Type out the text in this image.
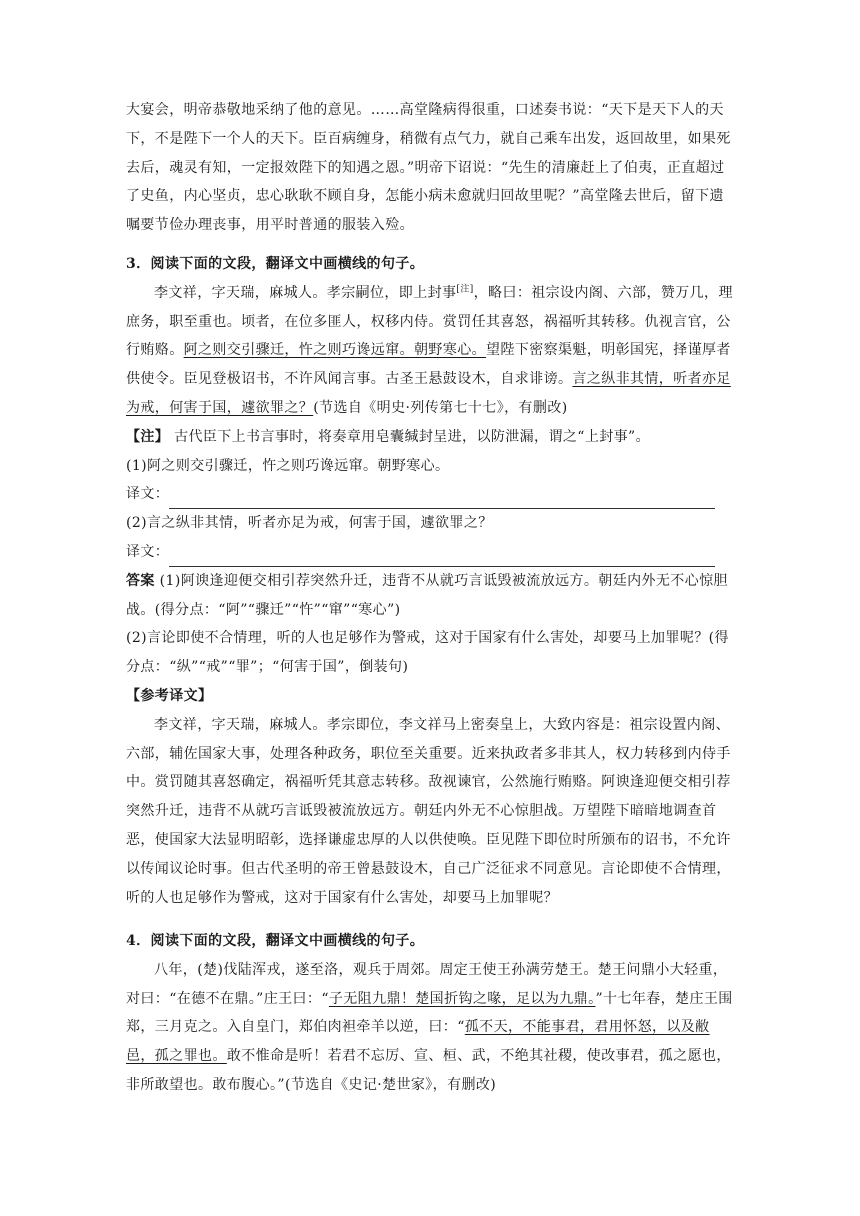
大宴会，明帝恭敬地采纳了他的意见。……高堂隆病得很重，口述奏书说：“天下是天下人的天下，不是陛下一个人的天下。臣百病缠身，稍微有点气力，就自己乘车出发，返回故里，如果死去后，魂灵有知，一定报效陛下的知遇之恩。”明帝下诏说：“先生的清廉赶上了伯夷，正直超过了史鱼，内心坚贞，忠心耿耿不顾自身，怎能小病未愈就归回故里呢？”高堂隆去世后，留下遗嘱要节俭办理丧事，用平时普通的服装入殓。

3．阅读下面的文段，翻译文中画横线的句子。

李文祥，字天瑞，麻城人。孝宗嗣位，即上封事[注]，略曰：祖宗设内阁、六部，赞万几，理庶务，职至重也。顷者，在位多匪人，权移内侍。赏罚任其喜怒，祸福听其转移。仇视言官，公行贿赂。阿之则交引骤迁，忤之则巧谗远窜。朝野寒心。望陛下密察渠魁，明彰国宪，择谨厚者供使令。臣见登极诏书，不许风闻言事。古圣王悬鼓设木，自求诽谤。言之纵非其情，听者亦足为戒，何害于国，遽欲罪之？(节选自《明史·列传第七十七》，有删改)

【注】 古代臣下上书言事时，将奏章用皂囊缄封呈进，以防泄漏，谓之“上封事”。

(1)阿之则交引骤迁，忤之则巧谗远窜。朝野寒心。

译文：

(2)言之纵非其情，听者亦足为戒，何害于国，遽欲罪之？

译文：

答案 (1)阿谀逢迎便交相引荐突然升迁，违背不从就巧言诋毁被流放远方。朝廷内外无不心惊胆战。(得分点：“阿”“骤迁”“忤”“窜”“寒心”)

(2)言论即使不合情理，听的人也足够作为警戒，这对于国家有什么害处，却要马上加罪呢？(得分点：“纵”“戒”“罪”；“何害于国”，倒装句)

【参考译文】

李文祥，字天瑞，麻城人。孝宗即位，李文祥马上密奏皇上，大致内容是：祖宗设置内阁、六部，辅佐国家大事，处理各种政务，职位至关重要。近来执政者多非其人，权力转移到内侍手中。赏罚随其喜怒确定，祸福听凭其意志转移。敌视谏官，公然施行贿赂。阿谀逢迎便交相引荐突然升迁，违背不从就巧言诋毁被流放远方。朝廷内外无不心惊胆战。万望陛下暗暗地调查首恶，使国家大法显明昭彰，选择谦虚忠厚的人以供使唤。臣见陛下即位时所颁布的诏书，不允许以传闻议论时事。但古代圣明的帝王曾悬鼓设木，自己广泛征求不同意见。言论即使不合情理，听的人也足够作为警戒，这对于国家有什么害处，却要马上加罪呢？

4．阅读下面的文段，翻译文中画横线的句子。

八年，(楚)伐陆浑戎，遂至洛，观兵于周郊。周定王使王孙满劳楚王。楚王问鼎小大轻重，对曰：“在德不在鼎。”庄王曰：“子无阻九鼎！楚国折钩之喙，足以为九鼎。”十七年春，楚庄王围郑，三月克之。入自皇门，郑伯肉袒牵羊以逆，曰：“孤不天，不能事君，君用怀怒，以及敝邑，孤之罪也。敢不惟命是听！若君不忘厉、宣、桓、武，不绝其社稷，使改事君，孤之愿也，非所敢望也。敢布腹心。”(节选自《史记·楚世家》，有删改)
